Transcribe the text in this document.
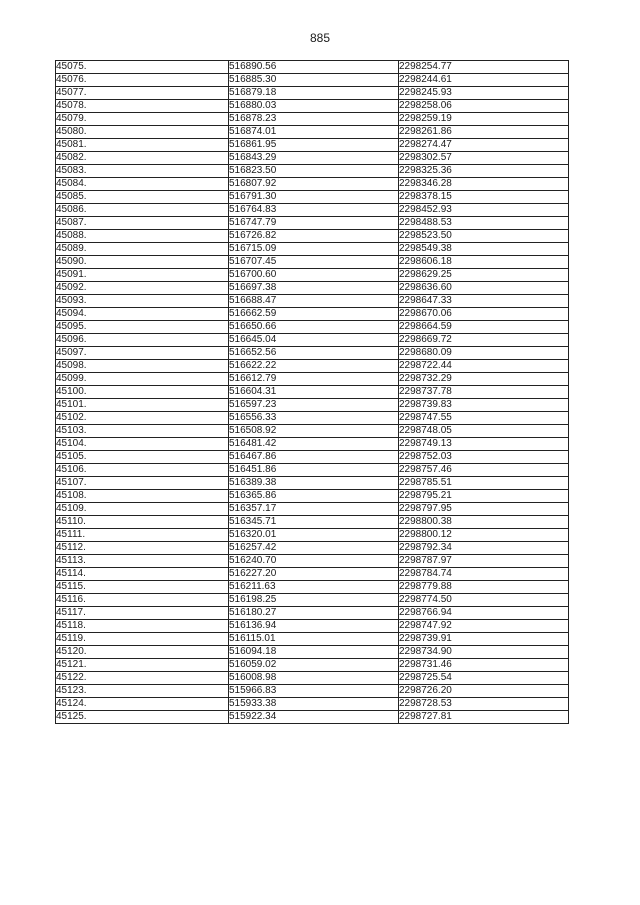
885
45075.	516890.56	2298254.77
45076.	516885.30	2298244.61
45077.	516879.18	2298245.93
45078.	516880.03	2298258.06
45079.	516878.23	2298259.19
45080.	516874.01	2298261.86
45081.	516861.95	2298274.47
45082.	516843.29	2298302.57
45083.	516823.50	2298325.36
45084.	516807.92	2298346.28
45085.	516791.30	2298378.15
45086.	516764.83	2298452.93
45087.	516747.79	2298488.53
45088.	516726.82	2298523.50
45089.	516715.09	2298549.38
45090.	516707.45	2298606.18
45091.	516700.60	2298629.25
45092.	516697.38	2298636.60
45093.	516688.47	2298647.33
45094.	516662.59	2298670.06
45095.	516650.66	2298664.59
45096.	516645.04	2298669.72
45097.	516652.56	2298680.09
45098.	516622.22	2298722.44
45099.	516612.79	2298732.29
45100.	516604.31	2298737.78
45101.	516597.23	2298739.83
45102.	516556.33	2298747.55
45103.	516508.92	2298748.05
45104.	516481.42	2298749.13
45105.	516467.86	2298752.03
45106.	516451.86	2298757.46
45107.	516389.38	2298785.51
45108.	516365.86	2298795.21
45109.	516357.17	2298797.95
45110.	516345.71	2298800.38
45111.	516320.01	2298800.12
45112.	516257.42	2298792.34
45113.	516240.70	2298787.97
45114.	516227.20	2298784.74
45115.	516211.63	2298779.88
45116.	516198.25	2298774.50
45117.	516180.27	2298766.94
45118.	516136.94	2298747.92
45119.	516115.01	2298739.91
45120.	516094.18	2298734.90
45121.	516059.02	2298731.46
45122.	516008.98	2298725.54
45123.	515966.83	2298726.20
45124.	515933.38	2298728.53
45125.	515922.34	2298727.81
